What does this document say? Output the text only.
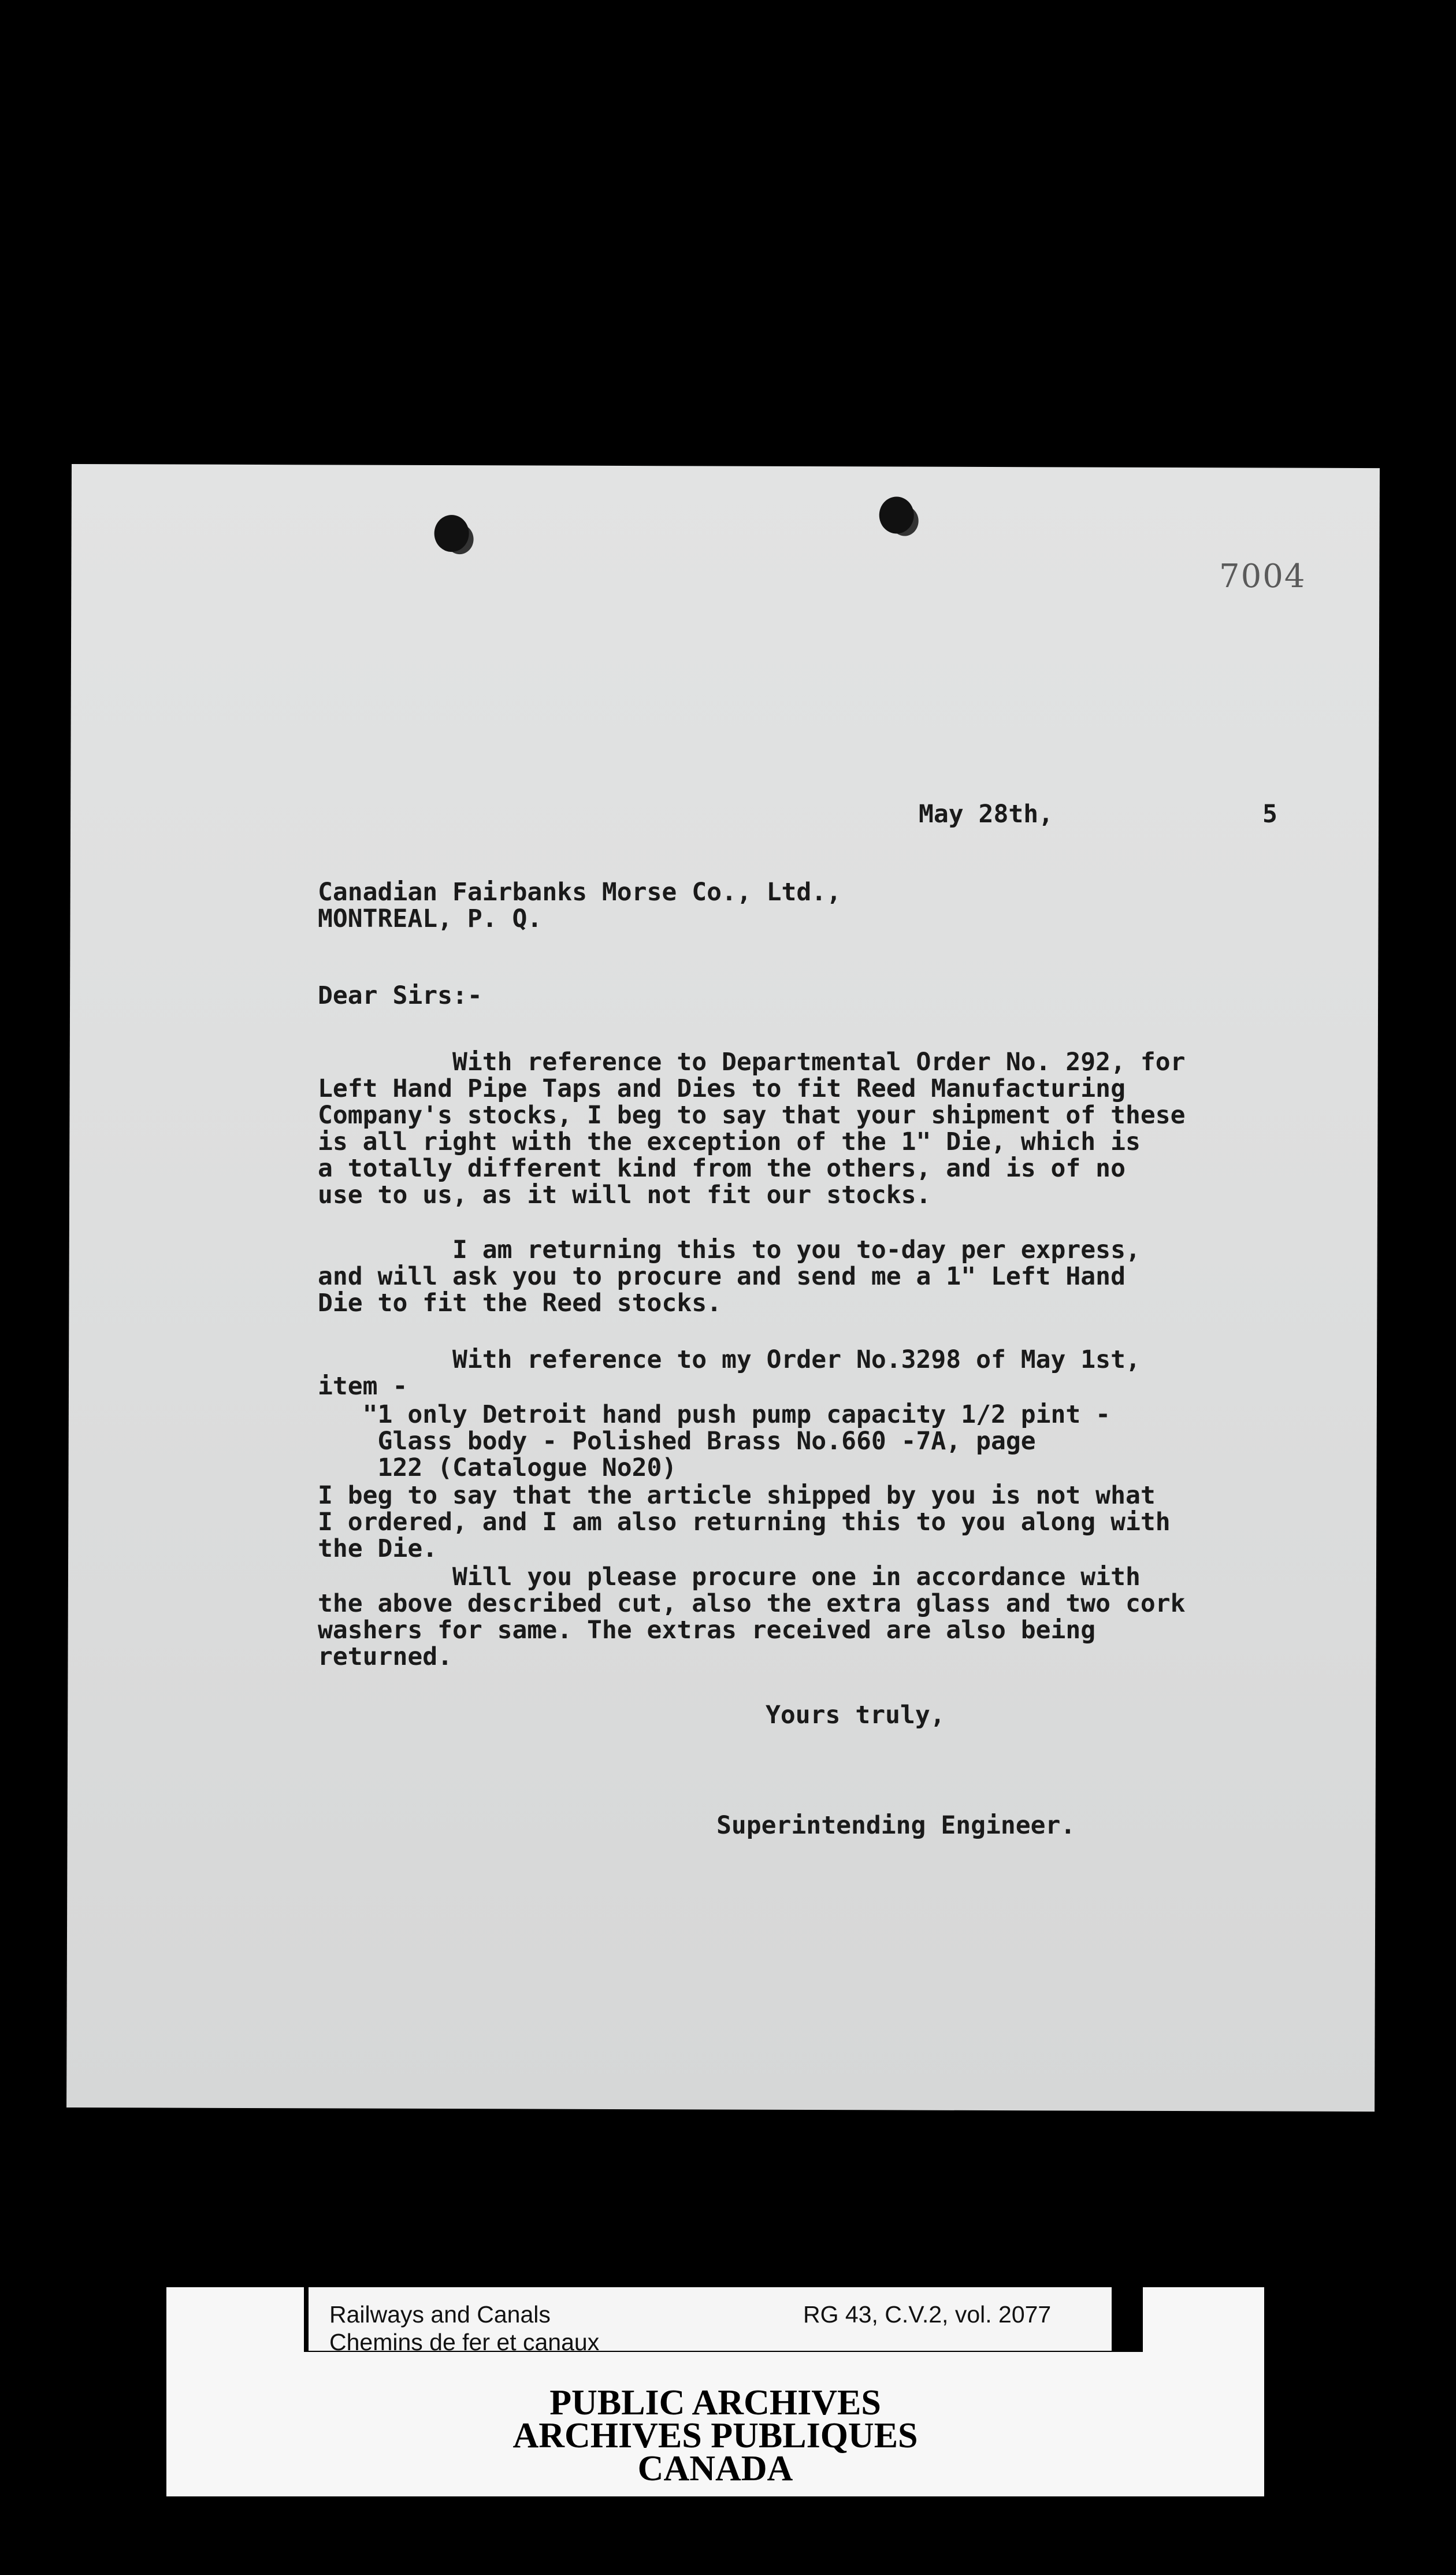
7004
May 28th,	5
Canadian Fairbanks Morse Co., Ltd.,
MONTREAL, P. Q.
Dear Sirs:-
With reference to Departmental Order No. 292, for
Left Hand Pipe Taps and Dies to fit Reed Manufacturing
Company's stocks, I beg to say that your shipment of these
is all right with the exception of the 1" Die, which is
a totally different kind from the others, and is of no
use to us, as it will not fit our stocks.
I am returning this to you to-day per express,
and will ask you to procure and send me a 1" Left Hand
Die to fit the Reed stocks.
With reference to my Order No.3298 of May 1st,
item -
"1 only Detroit hand push pump capacity 1/2 pint -
Glass body - Polished Brass No.660 -7A, page
122 (Catalogue No20)
I beg to say that the article shipped by you is not what
I ordered, and I am also returning this to you along with
the Die.
Will you please procure one in accordance with
the above described cut, also the extra glass and two cork
washers for same. The extras received are also being
returned.
Yours truly,
Superintending Engineer.
Railways and Canals
Chemins de fer et canaux
RG 43, C.V.2, vol. 2077
PUBLIC ARCHIVES
ARCHIVES PUBLIQUES
CANADA
